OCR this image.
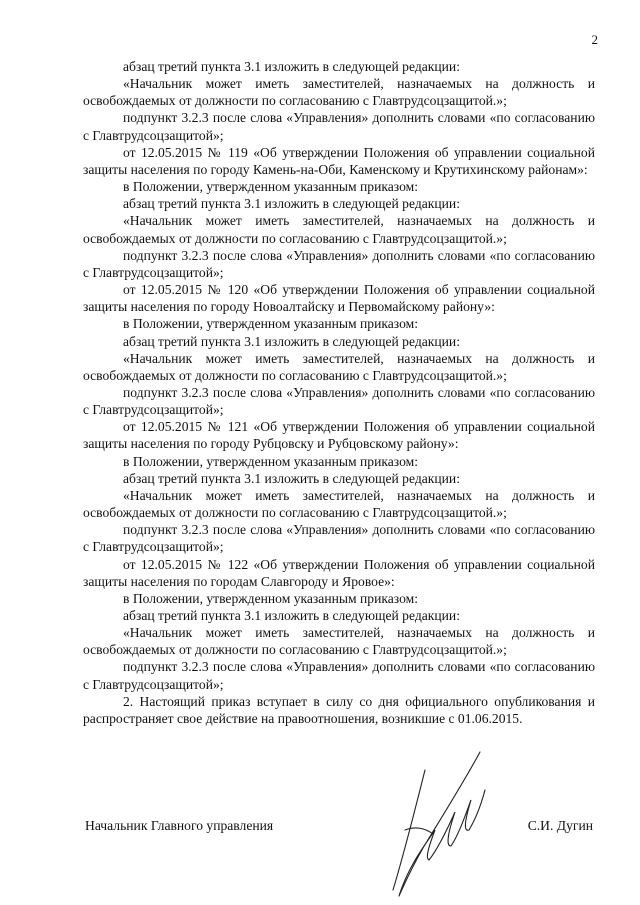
2

абзац третий пункта 3.1 изложить в следующей редакции:

«Начальник может иметь заместителей, назначаемых на должность и освобождаемых от должности по согласованию с Главтрудсоцзащитой.»;

подпункт 3.2.3 после слова «Управления» дополнить словами «по согласованию с Главтрудсоцзащитой»;

от 12.05.2015 № 119 «Об утверждении Положения об управлении социальной защиты населения по городу Камень-на-Оби, Каменскому и Крутихинскому районам»:

в Положении, утвержденном указанным приказом:

абзац третий пункта 3.1 изложить в следующей редакции:

«Начальник может иметь заместителей, назначаемых на должность и освобождаемых от должности по согласованию с Главтрудсоцзащитой.»;

подпункт 3.2.3 после слова «Управления» дополнить словами «по согласованию с Главтрудсоцзащитой»;

от 12.05.2015 № 120 «Об утверждении Положения об управлении социальной защиты населения по городу Новоалтайску и Первомайскому району»:

в Положении, утвержденном указанным приказом:

абзац третий пункта 3.1 изложить в следующей редакции:

«Начальник может иметь заместителей, назначаемых на должность и освобождаемых от должности по согласованию с Главтрудсоцзащитой.»;

подпункт 3.2.3 после слова «Управления» дополнить словами «по согласованию с Главтрудсоцзащитой»;

от 12.05.2015 № 121 «Об утверждении Положения об управлении социальной защиты населения по городу Рубцовску и Рубцовскому району»:

в Положении, утвержденном указанным приказом:

абзац третий пункта 3.1 изложить в следующей редакции:

«Начальник может иметь заместителей, назначаемых на должность и освобождаемых от должности по согласованию с Главтрудсоцзащитой.»;

подпункт 3.2.3 после слова «Управления» дополнить словами «по согласованию с Главтрудсоцзащитой»;

от 12.05.2015 № 122 «Об утверждении Положения об управлении социальной защиты населения по городам Славгороду и Яровое»:

в Положении, утвержденном указанным приказом:

абзац третий пункта 3.1 изложить в следующей редакции:

«Начальник может иметь заместителей, назначаемых на должность и освобождаемых от должности по согласованию с Главтрудсоцзащитой.»;

подпункт 3.2.3 после слова «Управления» дополнить словами «по согласованию с Главтрудсоцзащитой»;

2. Настоящий приказ вступает в силу со дня официального опубликования и распространяет свое действие на правоотношения, возникшие с 01.06.2015.

Начальник Главного управления	С.И. Дугин
